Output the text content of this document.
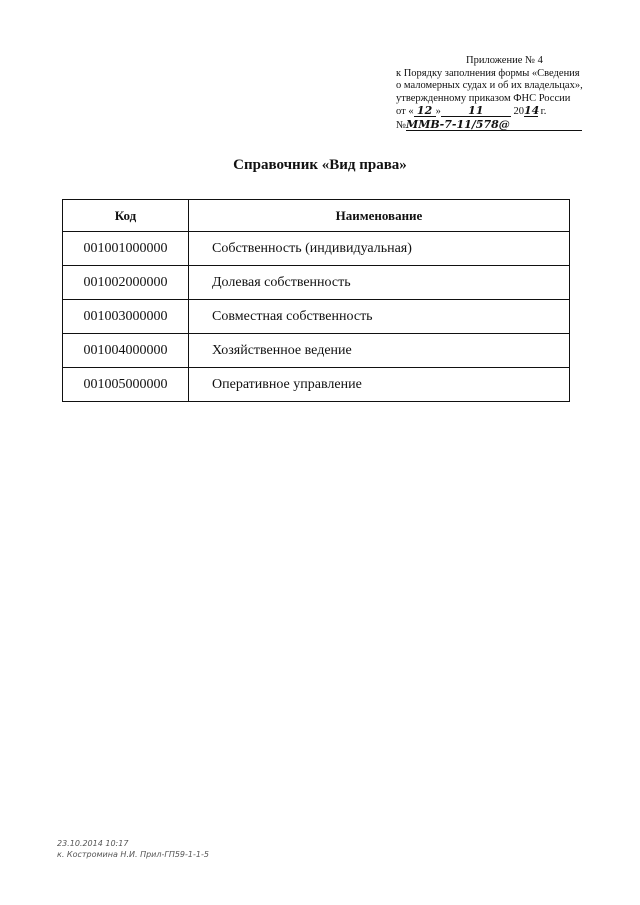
Приложение № 4
к Порядку заполнения формы «Сведения
о маломерных судах и об их владельцах»,
утвержденному приказом ФНС России
от « 12 » 11	2014 г.
№ММВ-7-11/578@
Справочник «Вид права»
Код	Наименование
001001000000	Собственность (индивидуальная)
001002000000	Долевая собственность
001003000000	Совместная собственность
001004000000	Хозяйственное ведение
001005000000	Оперативное управление
23.10.2014 10:17
к. Костромина Н.И. Прил-ГП59-1-1-5
